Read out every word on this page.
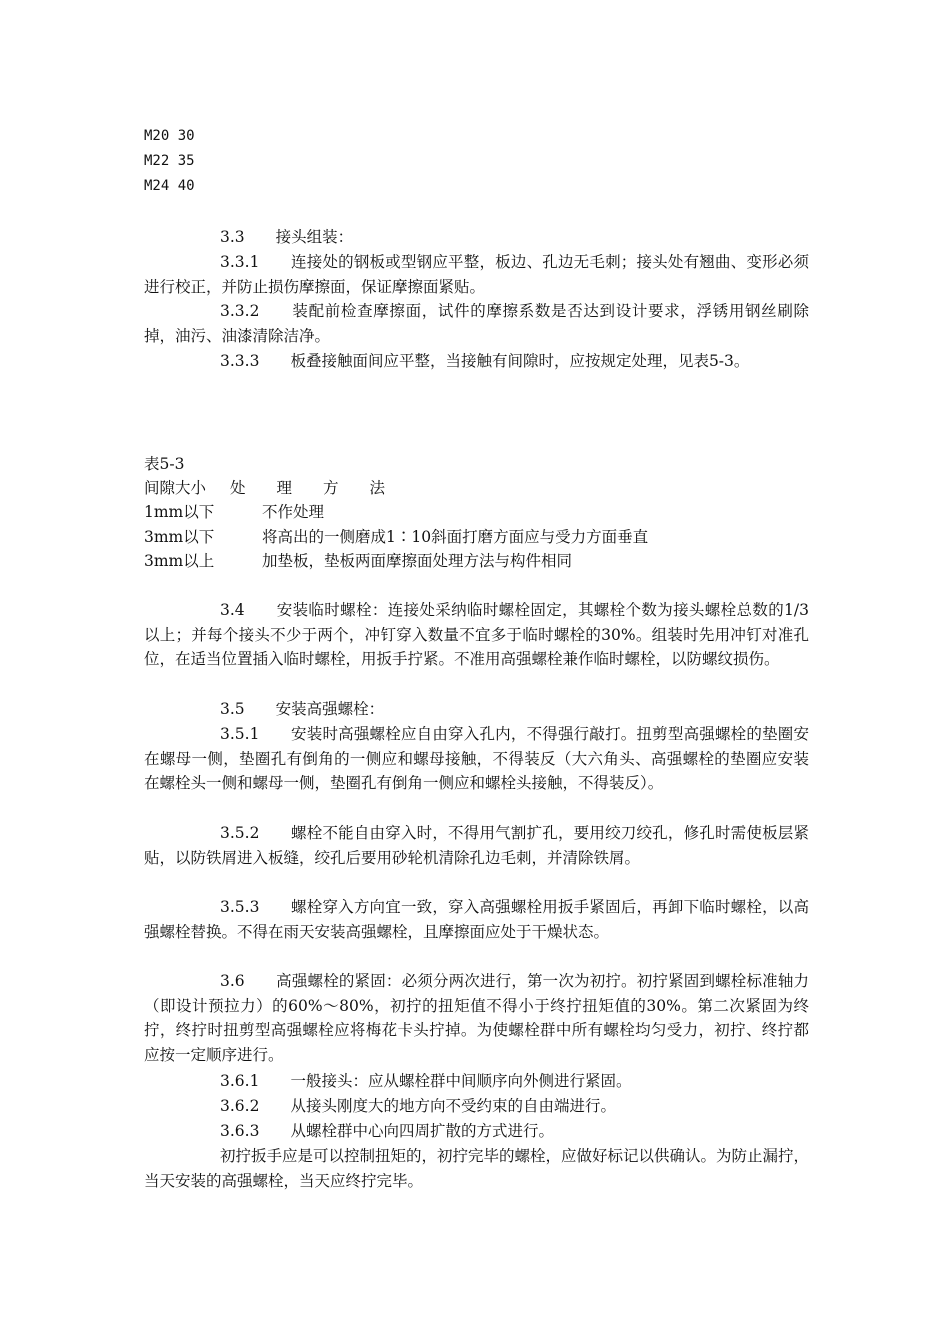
M20 30
M22 35
M24 40

3.3　　接头组装：

3.3.1　　连接处的钢板或型钢应平整，板边、孔边无毛刺；接头处有翘曲、变形必须进行校正，并防止损伤摩擦面，保证摩擦面紧贴。

3.3.2　　装配前检查摩擦面，试件的摩擦系数是否达到设计要求，浮锈用钢丝刷除掉，油污、油漆清除洁净。

3.3.3　　板叠接触面间应平整，当接触有间隙时，应按规定处理，见表5-3。

表5-3
间隙大小 处　　理　　方　　法
1mm以下	不作处理
3mm以下	将高出的一侧磨成1∶10斜面打磨方面应与受力方面垂直
3mm以上	加垫板，垫板两面摩擦面处理方法与构件相同

3.4　　安装临时螺栓：连接处采纳临时螺栓固定，其螺栓个数为接头螺栓总数的1/3以上；并每个接头不少于两个，冲钉穿入数量不宜多于临时螺栓的30%。组装时先用冲钉对准孔位，在适当位置插入临时螺栓，用扳手拧紧。不准用高强螺栓兼作临时螺栓，以防螺纹损伤。

3.5　　安装高强螺栓：

3.5.1　　安装时高强螺栓应自由穿入孔内，不得强行敲打。扭剪型高强螺栓的垫圈安在螺母一侧，垫圈孔有倒角的一侧应和螺母接触，不得装反（大六角头、高强螺栓的垫圈应安装在螺栓头一侧和螺母一侧，垫圈孔有倒角一侧应和螺栓头接触，不得装反）。

3.5.2　　螺栓不能自由穿入时，不得用气割扩孔，要用绞刀绞孔，修孔时需使板层紧贴，以防铁屑进入板缝，绞孔后要用砂轮机清除孔边毛刺，并清除铁屑。

3.5.3　　螺栓穿入方向宜一致，穿入高强螺栓用扳手紧固后，再卸下临时螺栓，以高强螺栓替换。不得在雨天安装高强螺栓，且摩擦面应处于干燥状态。

3.6　　高强螺栓的紧固：必须分两次进行，第一次为初拧。初拧紧固到螺栓标准轴力（即设计预拉力）的60%～80%，初拧的扭矩值不得小于终拧扭矩值的30%。第二次紧固为终拧，终拧时扭剪型高强螺栓应将梅花卡头拧掉。为使螺栓群中所有螺栓均匀受力，初拧、终拧都应按一定顺序进行。

3.6.1　　一般接头：应从螺栓群中间顺序向外侧进行紧固。

3.6.2　　从接头刚度大的地方向不受约束的自由端进行。

3.6.3　　从螺栓群中心向四周扩散的方式进行。

初拧扳手应是可以控制扭矩的，初拧完毕的螺栓，应做好标记以供确认。为防止漏拧，当天安装的高强螺栓，当天应终拧完毕。
